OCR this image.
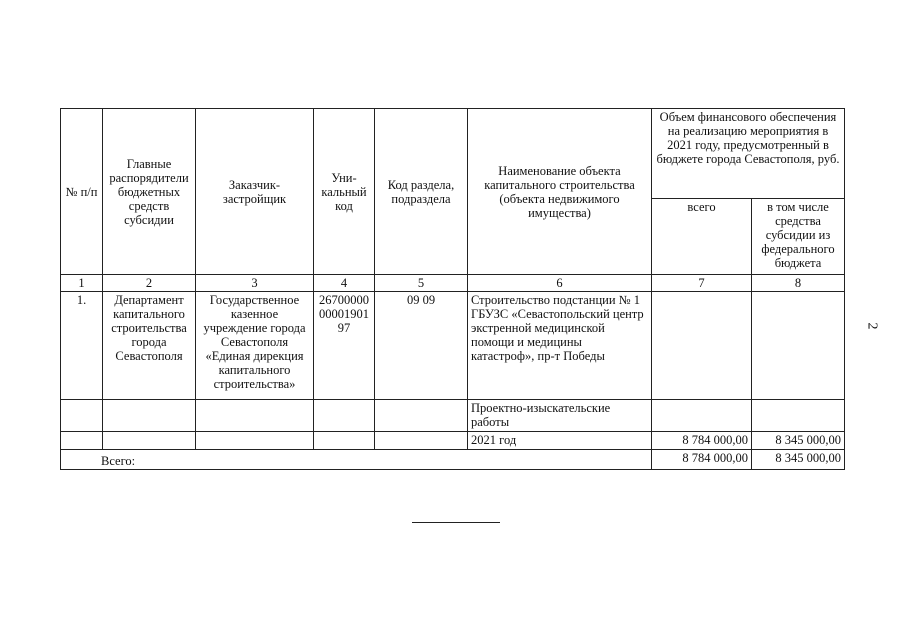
№ п/п	Главные распорядители бюджетных средств субсидии	Заказчик-застройщик	Уни-кальный код	Код раздела, подраздела	Наименование объекта капитального строительства (объекта недвижимого имущества)	Объем финансового обеспечения на реализацию мероприятия в 2021 году, предусмотренный в бюджете города Севастополя, руб.	
						всего	в том числе средства субсидии из федерального бюджета
1	2	3	4	5	6	7	8
1.	Департамент капитального строительства города Севастополя	Государственное казенное учреждение города Севастополя «Единая дирекция капитального строительства»	267000000000190197	09 09	Строительство подстанции № 1 ГБУЗС «Севастопольский центр экстренной медицинской помощи и медицины катастроф», пр-т Победы		
					Проектно-изыскательские работы		
					2021 год	8 784 000,00	8 345 000,00
Всего:						8 784 000,00	8 345 000,00
2
